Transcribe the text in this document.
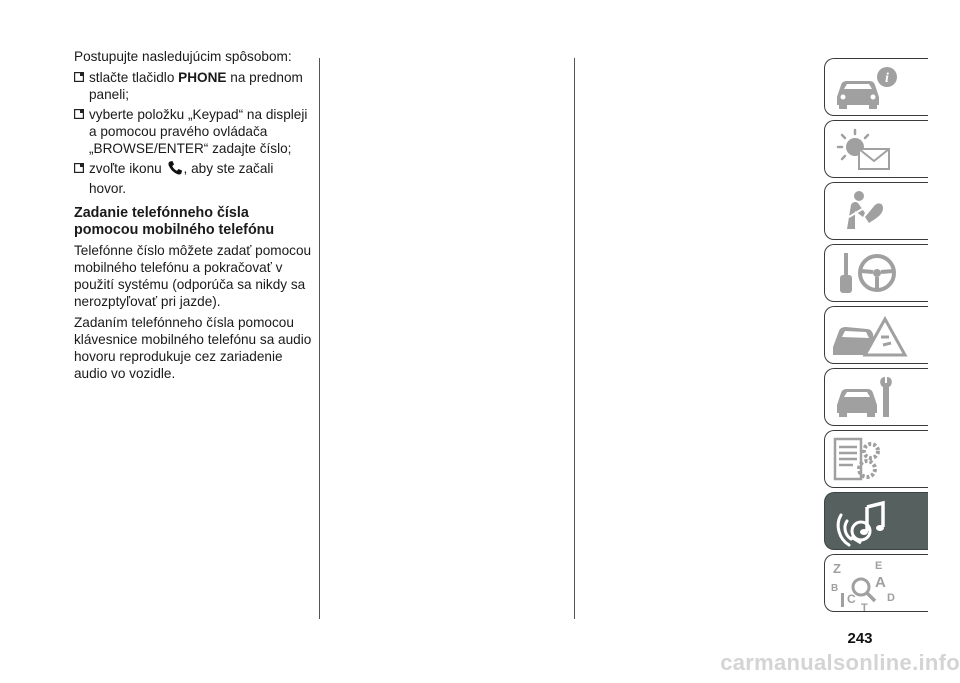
Postupujte nasledujúcim spôsobom:

stlačte tlačidlo PHONE na prednom paneli;
vyberte položku „Keypad“ na displeji a pomocou pravého ovládača „BROWSE/ENTER“ zadajte číslo;
zvoľte ikonu , aby ste začali hovor.
Zadanie telefónneho čísla pomocou mobilného telefónu

Telefónne číslo môžete zadať pomocou mobilného telefónu a pokračovať v použití systému (odporúča sa nikdy sa nerozptyľovať pri jazde).

Zadaním telefónneho čísla pomocou klávesnice mobilného telefónu sa audio hovoru reprodukuje cez zariadenie audio vo vozidle.

i
Z	E
B A
C	D
T
243
carmanualsonline.info
